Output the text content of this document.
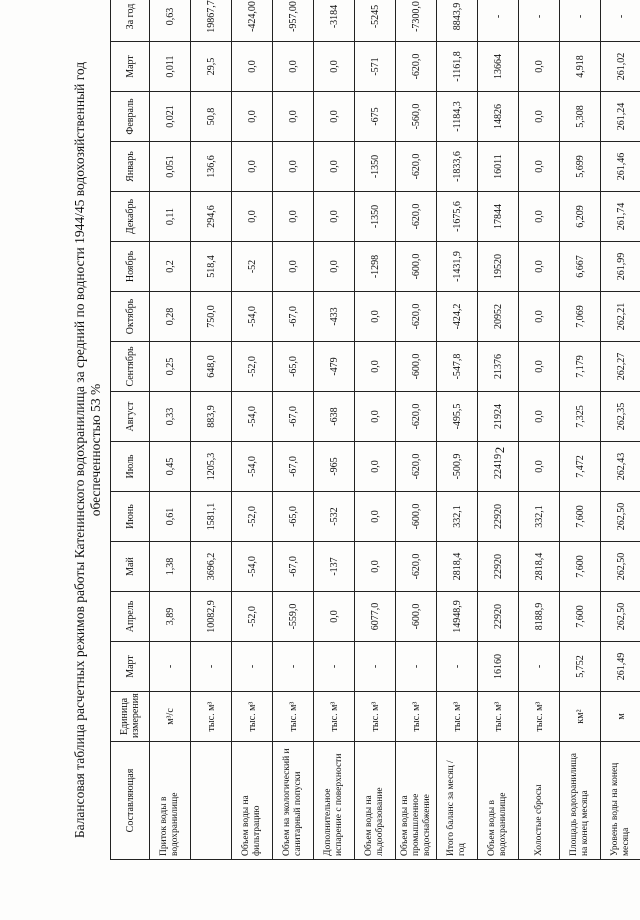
2
Балансовая таблица расчетных режимов работы Катенинского водохранилища за средний по водности 1944/45 водохозяйственный год обеспеченностью 53 %
Составляющая	Единица измерения	Март	Апрель	Май	Июнь	Июль	Август	Сентябрь	Октябрь	Ноябрь	Декабрь	Январь	Февраль	Март	За год
Приток воды в водохранилище	м³/с	-	3,89	1,38	0,61	0,45	0,33	0,25	0,28	0,2	0,11	0,051	0,021	0,011	0,63
	тыс. м³	-	10082,9	3696,2	1581,1	1205,3	883,9	648,0	750,0	518,4	294,6	136,6	50,8	29,5	19867,7
Объем воды на фильтрацию	тыс. м³	-	-52,0	-54,0	-52,0	-54,0	-54,0	-52,0	-54,0	-52	0,0	0,0	0,0	0,0	-424,00
Объем на экологический и санитарный попуски	тыс. м³	-	-559,0	-67,0	-65,0	-67,0	-67,0	-65,0	-67,0	0,0	0,0	0,0	0,0	0,0	-957,00
Дополнительное испарение с поверхности	тыс. м³	-	0,0	-137	-532	-965	-638	-479	-433	0,0	0,0	0,0	0,0	0,0	-3184
Объем воды на льдообразование	тыс. м³	-	6077,0	0,0	0,0	0,0	0,0	0,0	0,0	-1298	-1350	-1350	-675	-571	-5245
Объем воды на промышленное водоснабжение	тыс. м³	-	-600,0	-620,0	-600,0	-620,0	-620,0	-600,0	-620,0	-600,0	-620,0	-620,0	-560,0	-620,0	-7300,0
Итого баланс за месяц / год	тыс. м³	-	14948,9	2818,4	332,1	-500,9	-495,5	-547,8	-424,2	-1431,9	-1675,6	-1833,6	-1184,3	-1161,8	8843,9
Объем воды в водохранилище	тыс. м³	16160	22920	22920	22920	22419	21924	21376	20952	19520	17844	16011	14826	13664	-
Холостые сбросы	тыс. м³	-	8188,9	2818,4	332,1	0,0	0,0	0,0	0,0	0,0	0,0	0,0	0,0	0,0	-
Площадь водохранилища на конец месяца	км²	5,752	7,600	7,600	7,600	7,472	7,325	7,179	7,069	6,667	6,209	5,699	5,308	4,918	-
Уровень воды на конец месяца	м	261,49	262,50	262,50	262,50	262,43	262,35	262,27	262,21	261,99	261,74	261,46	261,24	261,02	-
